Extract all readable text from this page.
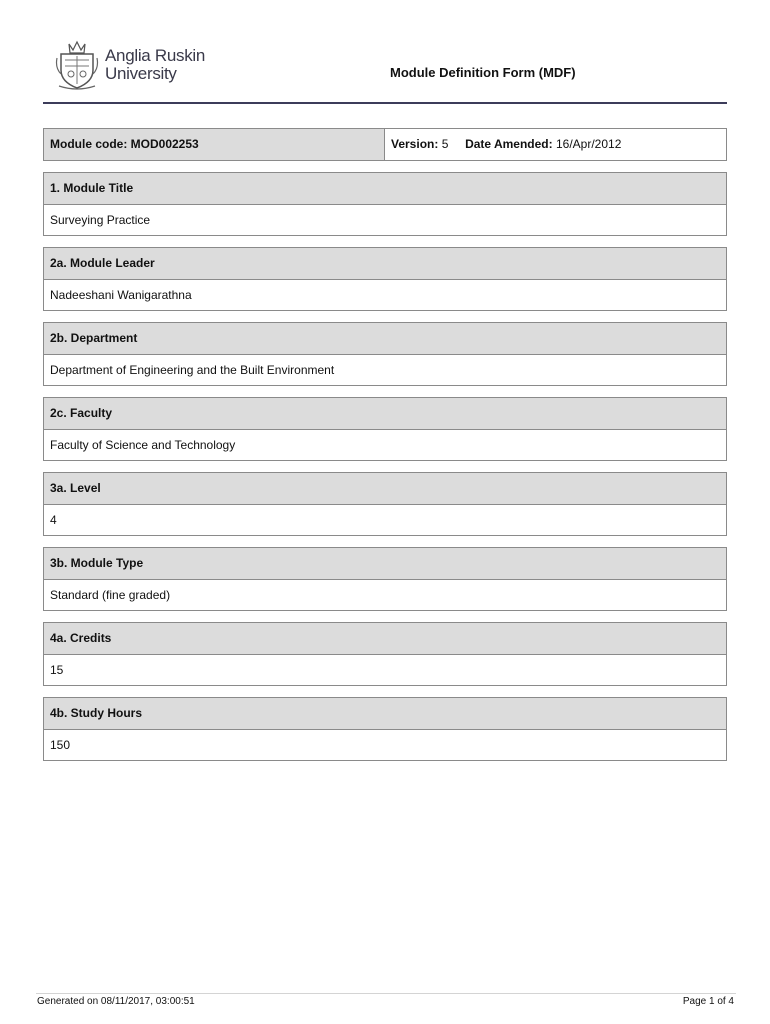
Anglia Ruskin
University	Module Definition Form (MDF)
Module code: MOD002253	Version: 5 Date Amended: 16/Apr/2012
1. Module Title
Surveying Practice
2a. Module Leader
Nadeeshani Wanigarathna
2b. Department
Department of Engineering and the Built Environment
2c. Faculty
Faculty of Science and Technology
3a. Level
4
3b. Module Type
Standard (fine graded)
4a. Credits
15
4b. Study Hours
150
Generated on 08/11/2017, 03:00:51	Page 1 of 4
